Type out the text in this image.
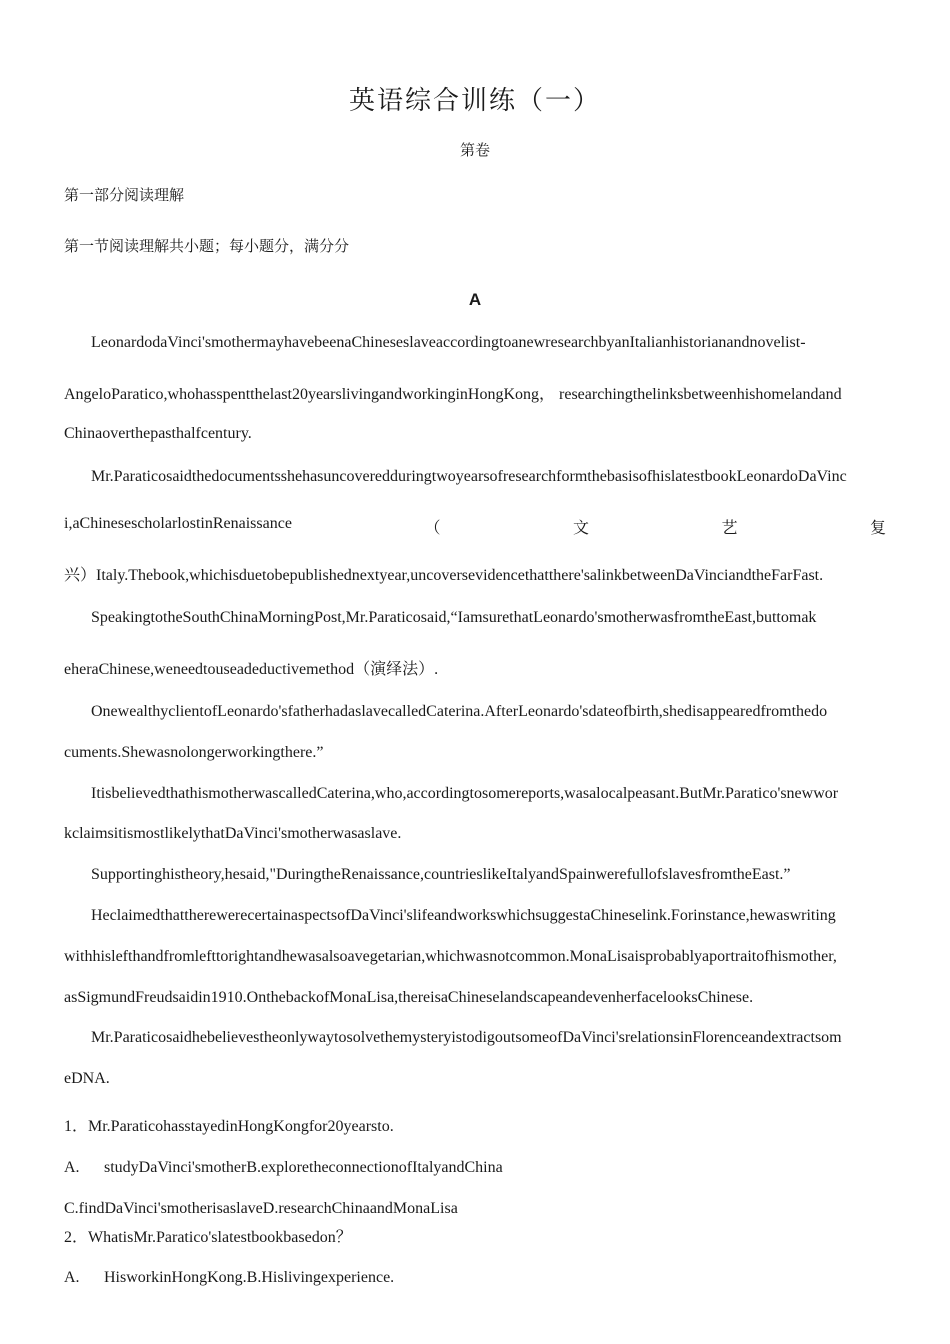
英语综合训练（一）
第卷
第一部分阅读理解
第一节阅读理解共小题；每小题分，满分分
A
LeonardodaVinci'smothermayhavebeenaChineseslaveaccordingtoanewresearchbyanItalianhistorianandnovelist-
AngeloParatico,whohasspentthelast20yearslivingandworkinginHongKong， researchingthelinksbetweenhishomelandand
Chinaoverthepasthalfcentury.
Mr.ParaticosaidthedocumentsshehasuncoveredduringtwoyearsofresearchformthebasisofhislatestbookLeonardoDaVinc
i,aChinesescholarlostinRenaissance	（	文	艺	复
兴）Italy.Thebook,whichisduetobepublishednextyear,uncoversevidencethatthere'salinkbetweenDaVinciandtheFarFast.
SpeakingtotheSouthChinaMorningPost,Mr.Paraticosaid,“IamsurethatLeonardo'smotherwasfromtheEast,buttomak
eheraChinese,weneedtouseadeductivemethod（演绎法）.
OnewealthyclientofLeonardo'sfatherhadaslavecalledCaterina.AfterLeonardo'sdateofbirth,shedisappearedfromthedo
cuments.Shewasnolongerworkingthere.”
ItisbelievedthathismotherwascalledCaterina,who,accordingtosomereports,wasalocalpeasant.ButMr.Paratico'snewwor
kclaimsitismostlikelythatDaVinci'smotherwasaslave.
Supportinghistheory,hesaid,"DuringtheRenaissance,countrieslikeItalyandSpainwerefullofslavesfromtheEast.”
HeclaimedthattherewerecertainaspectsofDaVinci'slifeandworkswhichsuggestaChineselink.Forinstance,hewaswriting
withhislefthandfromlefttorightandhewasalsoavegetarian,whichwasnotcommon.MonaLisaisprobablyaportraitofhismother,
asSigmundFreudsaidin1910.OnthebackofMonaLisa,thereisaChineselandscapeandevenherfacelooksChinese.
Mr.ParaticosaidhebelievestheonlywaytosolvethemysteryistodigoutsomeofDaVinci'srelationsinFlorenceandextractsom
eDNA.
1．Mr.ParaticohasstayedinHongKongfor20yearsto.
A. studyDaVinci'smotherB.exploretheconnectionofItalyandChina
C.findDaVinci'smotherisaslaveD.researchChinaandMonaLisa
2．WhatisMr.Paratico'slatestbookbasedon？
A. HisworkinHongKong.B.Hislivingexperience.
